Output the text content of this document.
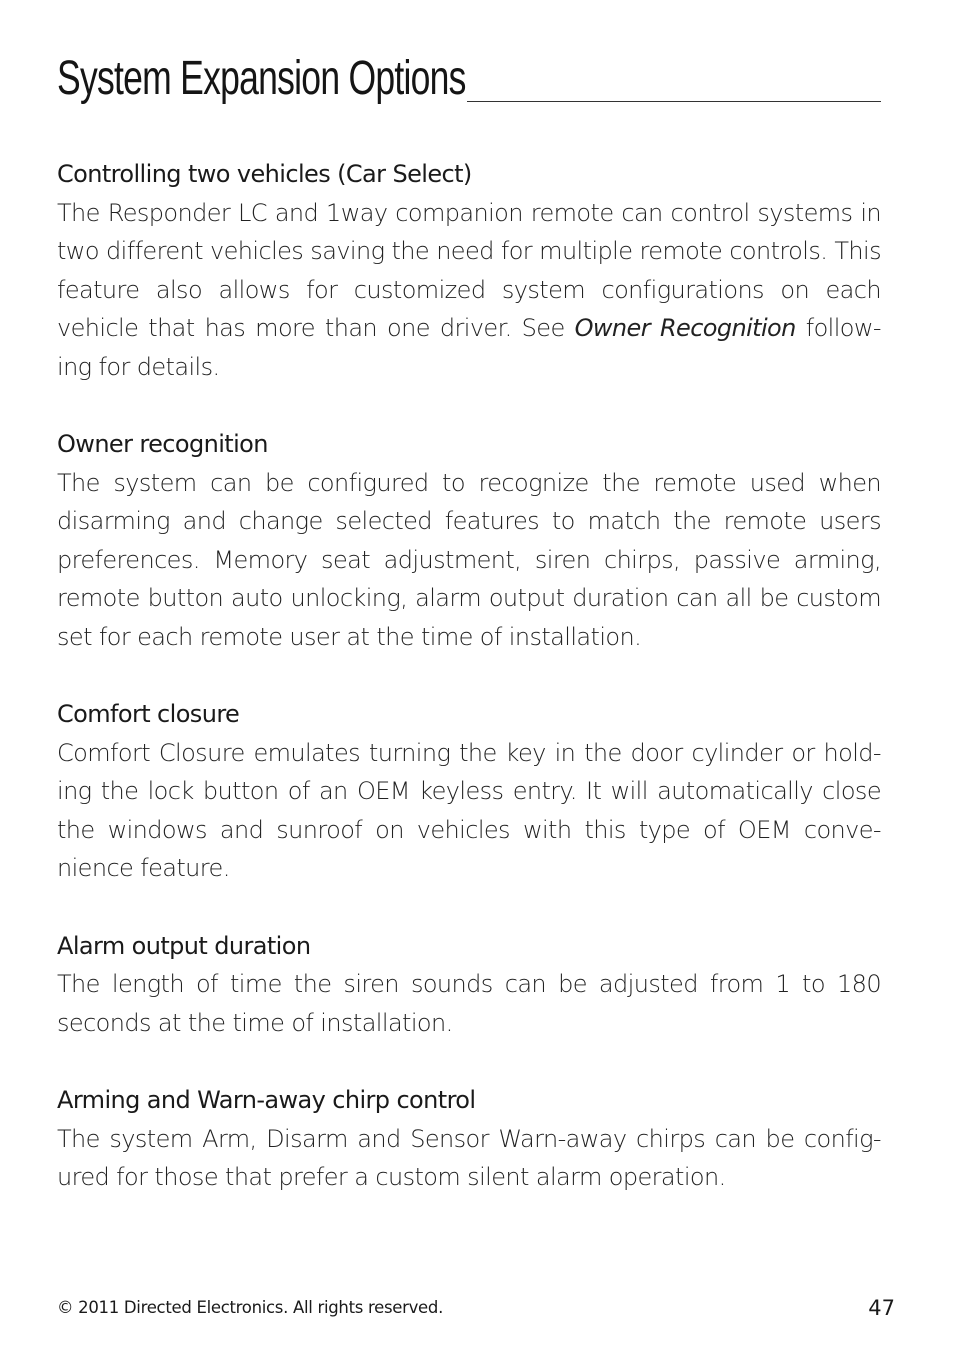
System Expansion Options
Controlling two vehicles (Car Select)

The Responder LC and 1way companion remote can control systems in two different vehicles saving the need for multiple remote controls. This feature also allows for customized system configurations on each vehicle that has more than one driver. See Owner Recognition follow-ing for details.

Owner recognition

The system can be configured to recognize the remote used when disarming and change selected features to match the remote users preferences. Memory seat adjustment, siren chirps, passive arming, remote button auto unlocking, alarm output duration can all be custom set for each remote user at the time of installation.

Comfort closure

Comfort Closure emulates turning the key in the door cylinder or hold-ing the lock button of an OEM keyless entry. It will automatically close the windows and sunroof on vehicles with this type of OEM conve-nience feature.

Alarm output duration

The length of time the siren sounds can be adjusted from 1 to 180 seconds at the time of installation.

Arming and Warn-away chirp control

The system Arm, Disarm and Sensor Warn-away chirps can be config-ured for those that prefer a custom silent alarm operation.

© 2011 Directed Electronics. All rights reserved.	47
